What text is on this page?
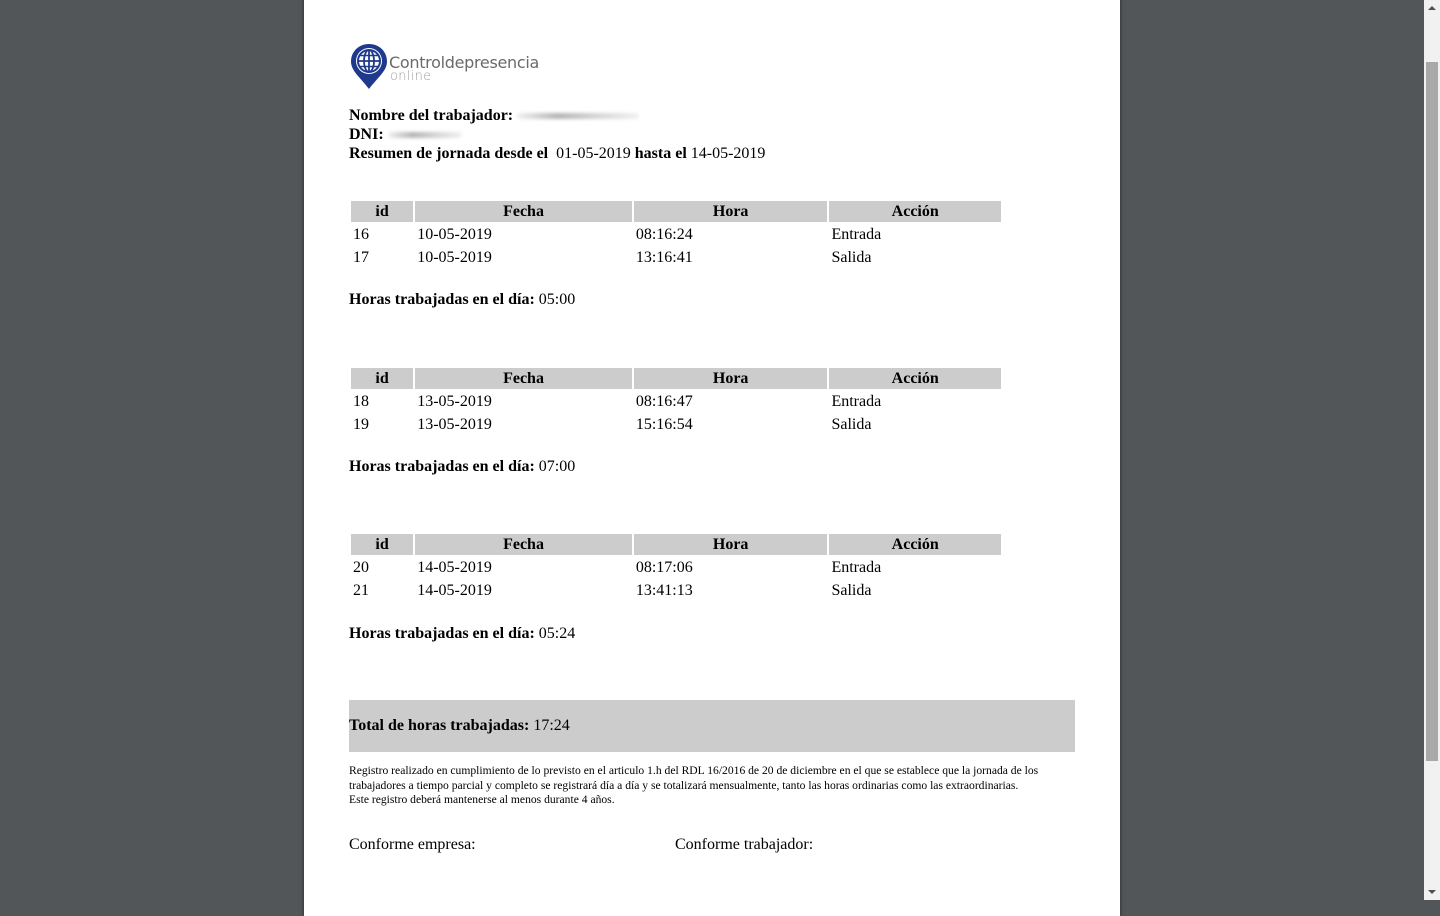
Controldepresencia
online
Nombre del trabajador:
DNI:
Resumen de jornada desde el 01-05-2019 hasta el 14-05-2019
id	Fecha	Hora	Acción
16	10-05-2019	08:16:24	Entrada
17	10-05-2019	13:16:41	Salida
Horas trabajadas en el día: 05:00
id	Fecha	Hora	Acción
18	13-05-2019	08:16:47	Entrada
19	13-05-2019	15:16:54	Salida
Horas trabajadas en el día: 07:00
id	Fecha	Hora	Acción
20	14-05-2019	08:17:06	Entrada
21	14-05-2019	13:41:13	Salida
Horas trabajadas en el día: 05:24
Total de horas trabajadas: 17:24
Registro realizado en cumplimiento de lo previsto en el articulo 1.h del RDL 16/2016 de 20 de diciembre en el que se establece que la jornada de los trabajadores a tiempo parcial y completo se registrará día a día y se totalizará mensualmente, tanto las horas ordinarias como las extraordinarias.
Este registro deberá mantenerse al menos durante 4 años.
Conforme empresa:	Conforme trabajador:
